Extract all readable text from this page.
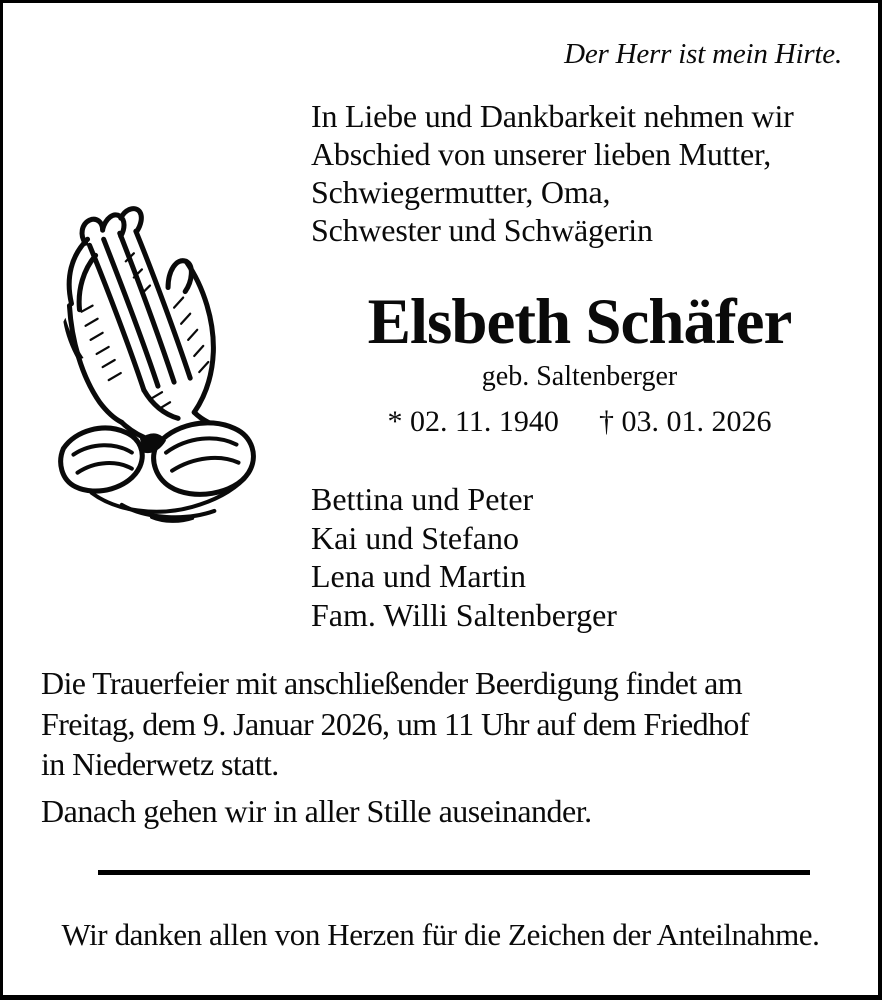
Der Herr ist mein Hirte.
In Liebe und Dankbarkeit nehmen wir
Abschied von unserer lieben Mutter,
Schwiegermutter, Oma,
Schwester und Schwägerin
Elsbeth Schäfer
geb. Saltenberger
* 02. 11. 1940 † 03. 01. 2026
Bettina und Peter
Kai und Stefano
Lena und Martin
Fam. Willi Saltenberger
Die Trauerfeier mit anschließender Beerdigung findet am
Freitag, dem 9. Januar 2026, um 11 Uhr auf dem Friedhof
in Niederwetz statt.
Danach gehen wir in aller Stille auseinander.
Wir danken allen von Herzen für die Zeichen der Anteilnahme.
